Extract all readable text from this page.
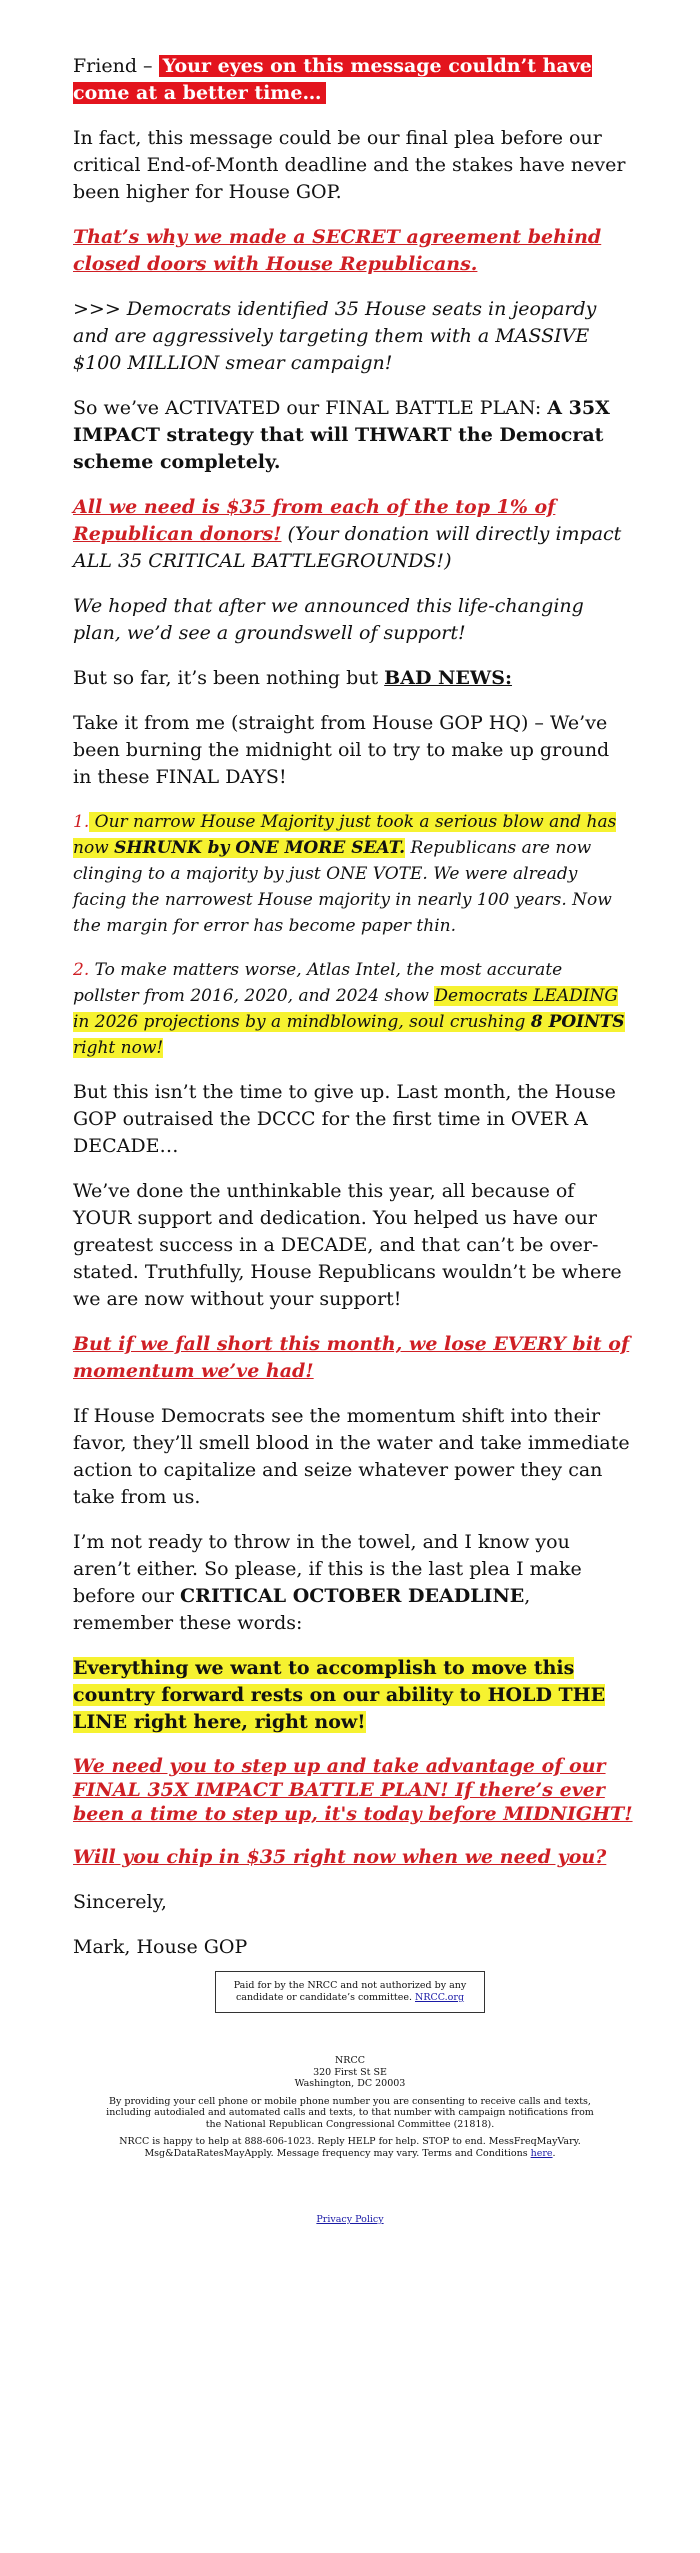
Friend – Your eyes on this message couldn’t have come at a better time…

In fact, this message could be our final plea before our critical End-of-Month deadline and the stakes have never been higher for House GOP.

That’s why we made a SECRET agreement behind closed doors with House Republicans.

>>> Democrats identified 35 House seats in jeopardy and are aggressively targeting them with a MASSIVE $100 MILLION smear campaign!

So we’ve ACTIVATED our FINAL BATTLE PLAN: A 35X IMPACT strategy that will THWART the Democrat scheme completely.

All we need is $35 from each of the top 1% of Republican donors! (Your donation will directly impact ALL 35 CRITICAL BATTLEGROUNDS!)

We hoped that after we announced this life-changing plan, we’d see a groundswell of support!

But so far, it’s been nothing but BAD NEWS:

Take it from me (straight from House GOP HQ) – We’ve been burning the midnight oil to try to make up ground in these FINAL DAYS!

1. Our narrow House Majority just took a serious blow and has now SHRUNK by ONE MORE SEAT. Republicans are now clinging to a majority by just ONE VOTE. We were already facing the narrowest House majority in nearly 100 years. Now the margin for error has become paper thin.

2. To make matters worse, Atlas Intel, the most accurate pollster from 2016, 2020, and 2024 show Democrats LEADING in 2026 projections by a mindblowing, soul crushing 8 POINTS right now!

But this isn’t the time to give up. Last month, the House GOP outraised the DCCC for the first time in OVER A DECADE…

We’ve done the unthinkable this year, all because of YOUR support and dedication. You helped us have our greatest success in a DECADE, and that can’t be over-stated. Truthfully, House Republicans wouldn’t be where we are now without your support!

But if we fall short this month, we lose EVERY bit of momentum we’ve had!

If House Democrats see the momentum shift into their favor, they’ll smell blood in the water and take immediate action to capitalize and seize whatever power they can take from us.

I’m not ready to throw in the towel, and I know you aren’t either. So please, if this is the last plea I make before our CRITICAL OCTOBER DEADLINE, remember these words:

Everything we want to accomplish to move this country forward rests on our ability to HOLD THE LINE right here, right now!

We need you to step up and take advantage of our FINAL 35X IMPACT BATTLE PLAN! If there’s ever been a time to step up, it's today before MIDNIGHT!

Will you chip in $35 right now when we need you?

Sincerely,

Mark, House GOP

Paid for by the NRCC and not authorized by any candidate or candidate’s committee. NRCC.org
NRCC
320 First St SE
Washington, DC 20003

By providing your cell phone or mobile phone number you are consenting to receive calls and texts, including autodialed and automated calls and texts, to that number with campaign notifications from the National Republican Congressional Committee (21818).

NRCC is happy to help at 888-606-1023. Reply HELP for help. STOP to end. MessFreqMayVary. Msg&DataRatesMayApply. Message frequency may vary. Terms and Conditions here.

Privacy Policy
